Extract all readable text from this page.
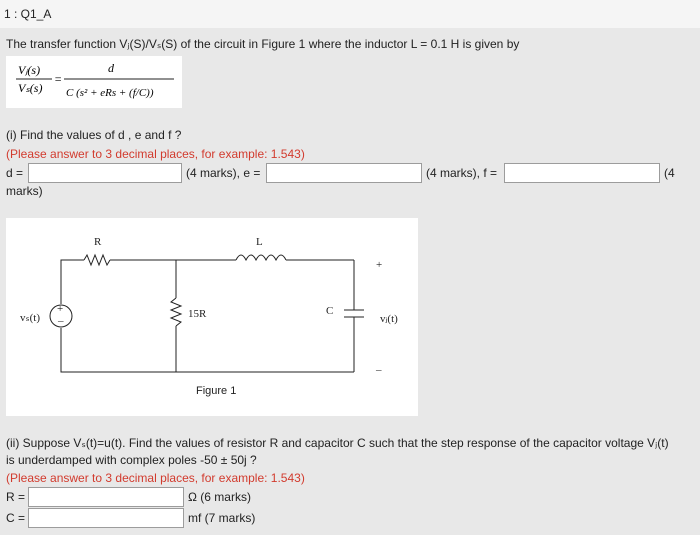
1 : Q1_A
The transfer function Vⱼ(S)/Vₛ(S) of the circuit in Figure 1 where the inductor L = 0.1 H is given by
Vⱼ(s)
Vₛ(s)
=
d
C (s² + eRs + (f/C))
(i) Find the values of d , e and f ?
(Please answer to 3 decimal places, for example: 1.543)
d =	(4 marks), e =	(4 marks), f =	(4
marks)
+
–
R	L
15R	C
vₛ(t)	vⱼ(t)
+
–
Figure 1
(ii) Suppose Vₛ(t)=u(t). Find the values of resistor R and capacitor C such that the step response of the capacitor voltage Vⱼ(t)
is underdamped with complex poles -50 ± 50j ?
(Please answer to 3 decimal places, for example: 1.543)
R =	Ω (6 marks)
C =	mf (7 marks)
